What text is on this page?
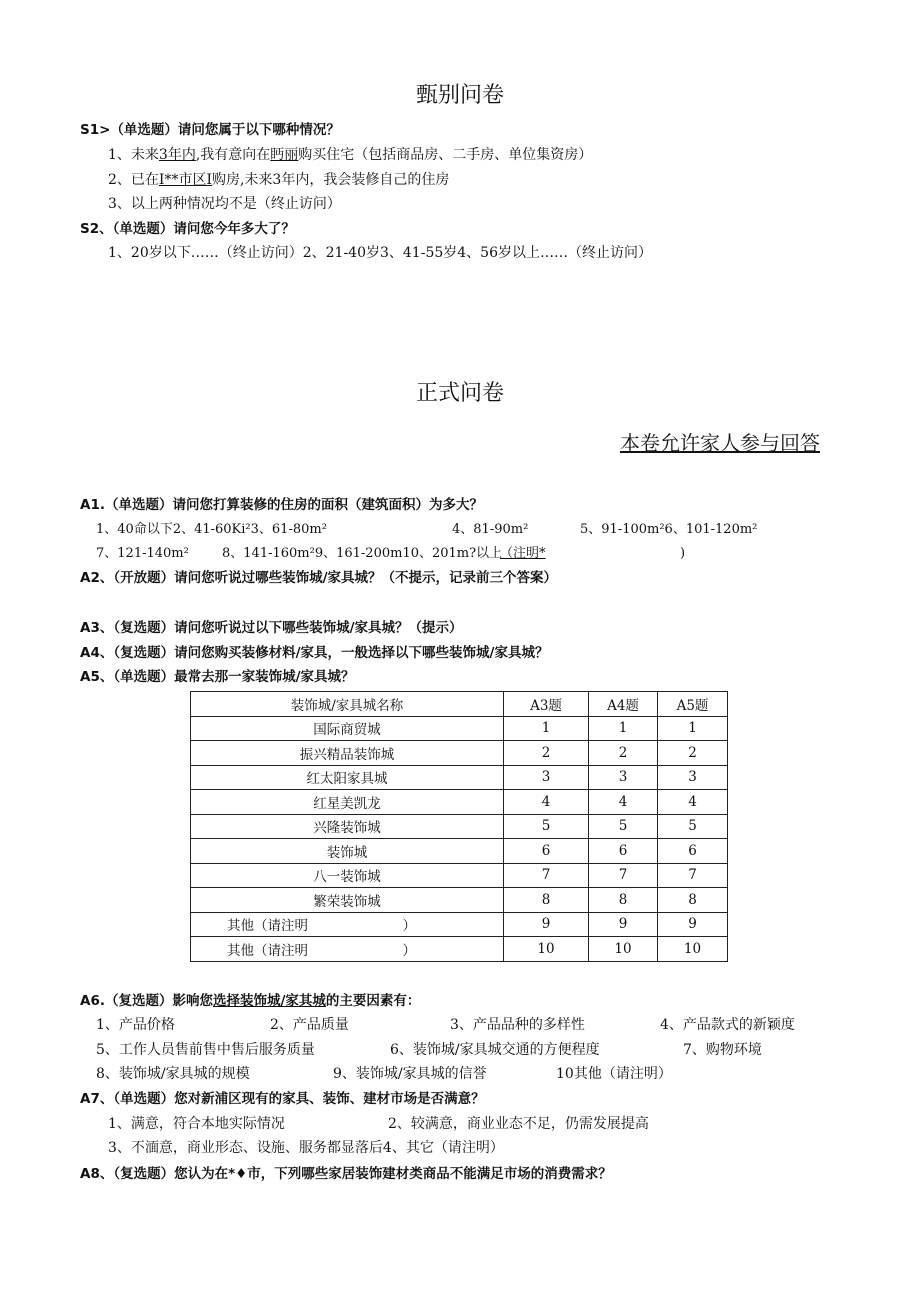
甄别问卷
S1>（单选题）请问您属于以下哪种情况？
1、未来3年内,我有意向在眄丽购买住宅（包括商品房、二手房、单位集资房）
2、已在I**市区I购房,未来3年内，我会装修自己的住房
3、以上两种情况均不是（终止访问）
S2、（单选题）请问您今年多大了？
1、20岁以下……（终止访问）2、21-40岁3、41-55岁4、56岁以上……（终止访问）
正式问卷
本卷允许家人参与回答
A1.（单选题）请问您打算装修的住房的面积（建筑面积）为多大？
1、40命以下2、41-60Ki²3、61-80m²	4、81-90m²	5、91-100m²6、101-120m²
7、121-140m²	8、141-160m²9、161-200m10、201m?以上
（注明*	)
A2、（开放题）请问您听说过哪些装饰城/家具城？（不提示，记录前三个答案）
A3、（复选题）请问您听说过以下哪些装饰城/家具城？（提示）
A4、（复选题）请问您购买装修材料/家具，一般选择以下哪些装饰城/家具城？
A5、（单选题）最常去那一家装饰城/家具城？
装饰城/家具城名称	A3题	A4题	A5题
国际商贸城	1	1	1
振兴精品装饰城	2	2	2
红太阳家具城	3	3	3
红星美凯龙	4	4	4
兴隆装饰城	5	5	5
装饰城	6	6	6
八一装饰城	7	7	7
繁荣装饰城	8	8	8
其他（请注明　　　　　　　）	9	9	9
其他（请注明　　　　　　　）	10	10	10
A6.（复选题）影响您选择装饰城/家其城的主要因素有：
1、产品价格	2、产品质量	3、产品品种的多样性	4、产品款式的新颖度
5、工作人员售前售中售后服务质量	6、装饰城/家具城交通的方便程度	7、购物环境
8、装饰城/家具城的规模	9、装饰城/家具城的信誉	10其他（请注明）
A7、（单选题）您对新浦区现有的家具、装饰、建材市场是否满意？
1、满意，符合本地实际情况	2、较满意，商业业态不足，仍需发展提高
3、不湎意，商业形态、设施、服务都显落后4、其它（请注明）
A8、（复选题）您认为在*♦市，下列哪些家居装饰建材类商品不能满足市场的消费需求？
